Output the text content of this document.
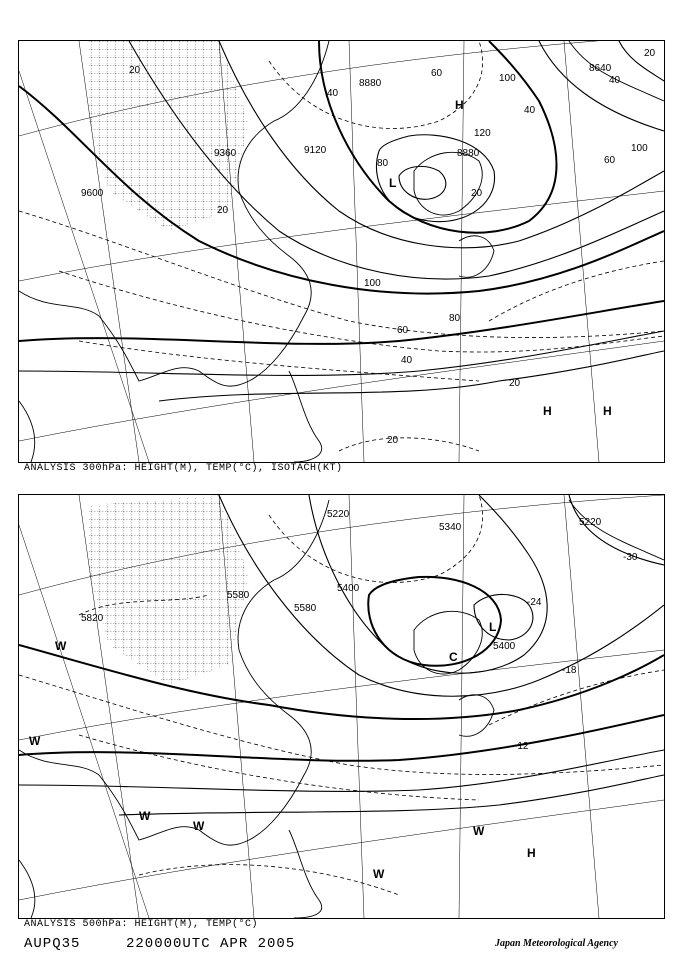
9600
9360	9120
8880
8880
8640
20
40
60
80
100
120
100
80
60
40
20
20
20
40
60
100
20
40
20
H
H	H
L
ANALYSIS 300hPa: HEIGHT(M), TEMP(°C), ISOTACH(KT)
5820
5580
5580
5400
5220
5340
5400
5220
-30
-24
-18
-12
W
W
W
W
W
W
H
L
C
ANALYSIS 500hPa: HEIGHT(M), TEMP(°C)
AUPQ35	220000UTC APR 2005	Japan Meteorological Agency
